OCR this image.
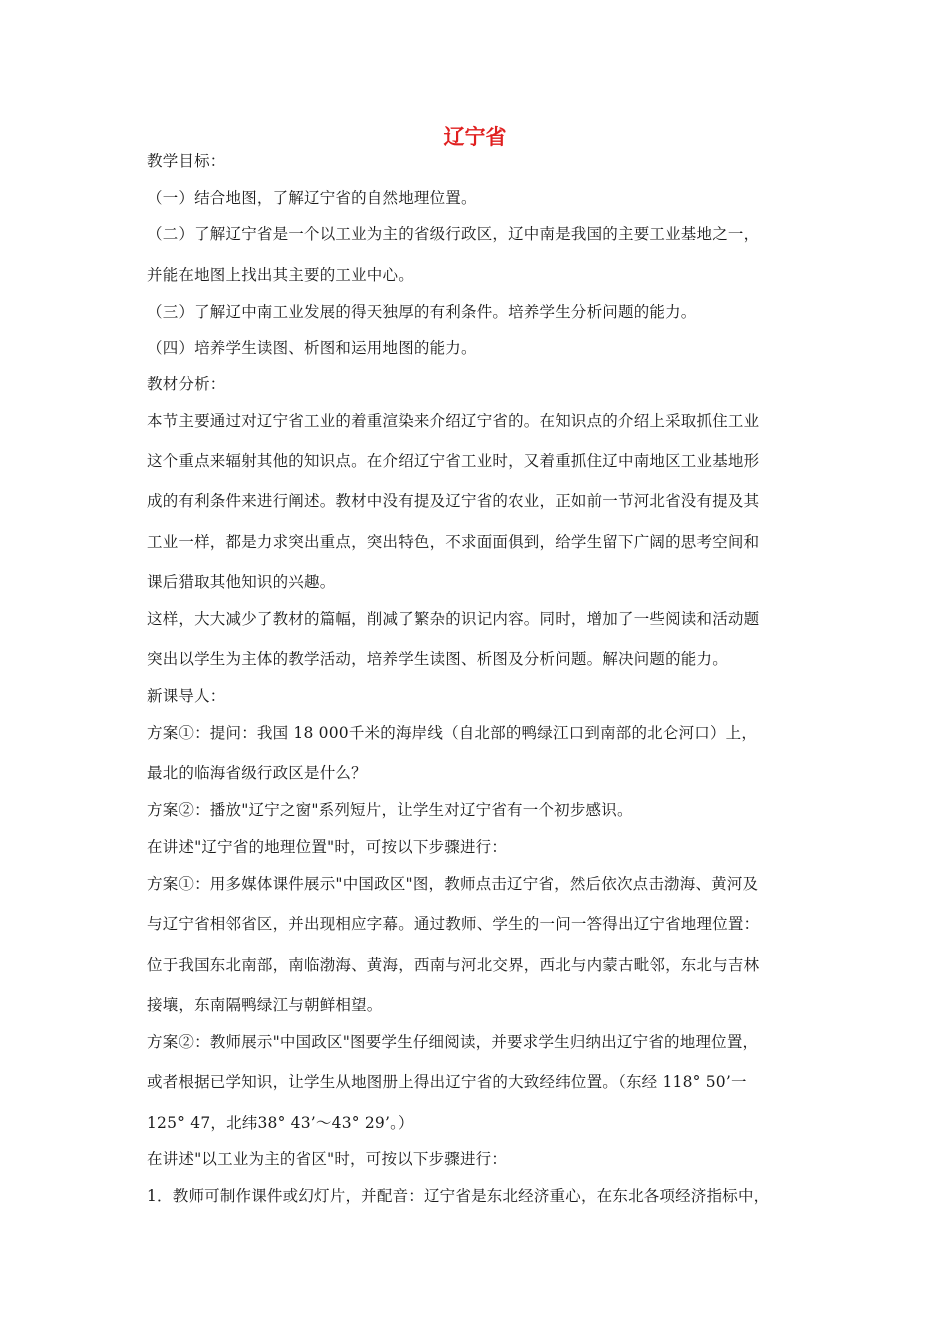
辽宁省
教学目标：
（一）结合地图，了解辽宁省的自然地理位置。
（二）了解辽宁省是一个以工业为主的省级行政区，辽中南是我国的主要工业基地之一，
并能在地图上找出其主要的工业中心。
（三）了解辽中南工业发展的得天独厚的有利条件。培养学生分析问题的能力。
（四）培养学生读图、析图和运用地图的能力。
教材分析：
本节主要通过对辽宁省工业的着重渲染来介绍辽宁省的。在知识点的介绍上采取抓住工业
这个重点来辐射其他的知识点。在介绍辽宁省工业时，又着重抓住辽中南地区工业基地形
成的有利条件来进行阐述。教材中没有提及辽宁省的农业，正如前一节河北省没有提及其
工业一样，都是力求突出重点，突出特色，不求面面俱到，给学生留下广阔的思考空间和
课后猎取其他知识的兴趣。
这样，大大减少了教材的篇幅，削减了繁杂的识记内容。同时，增加了一些阅读和活动题
突出以学生为主体的教学活动，培养学生读图、析图及分析问题。解决问题的能力。
新课导人：
方案①：提问：我国 18 000千米的海岸线（自北部的鸭绿江口到南部的北仑河口）上，
最北的临海省级行政区是什么？
方案②：播放"辽宁之窗"系列短片，让学生对辽宁省有一个初步感识。
在讲述"辽宁省的地理位置"时，可按以下步骤进行：
方案①：用多媒体课件展示"中国政区"图，教师点击辽宁省，然后依次点击渤海、黄河及
与辽宁省相邻省区，并出现相应字幕。通过教师、学生的一问一答得出辽宁省地理位置：
位于我国东北南部，南临渤海、黄海，西南与河北交界，西北与内蒙古毗邻，东北与吉林
接壤，东南隔鸭绿江与朝鲜相望。
方案②：教师展示"中国政区"图要学生仔细阅读，并要求学生归纳出辽宁省的地理位置，
或者根据已学知识，让学生从地图册上得出辽宁省的大致经纬位置。（东经 118° 50’一
125° 47，北纬38° 43’～43° 29’。）
在讲述"以工业为主的省区"时，可按以下步骤进行：
1．教师可制作课件或幻灯片，并配音：辽宁省是东北经济重心，在东北各项经济指标中，
